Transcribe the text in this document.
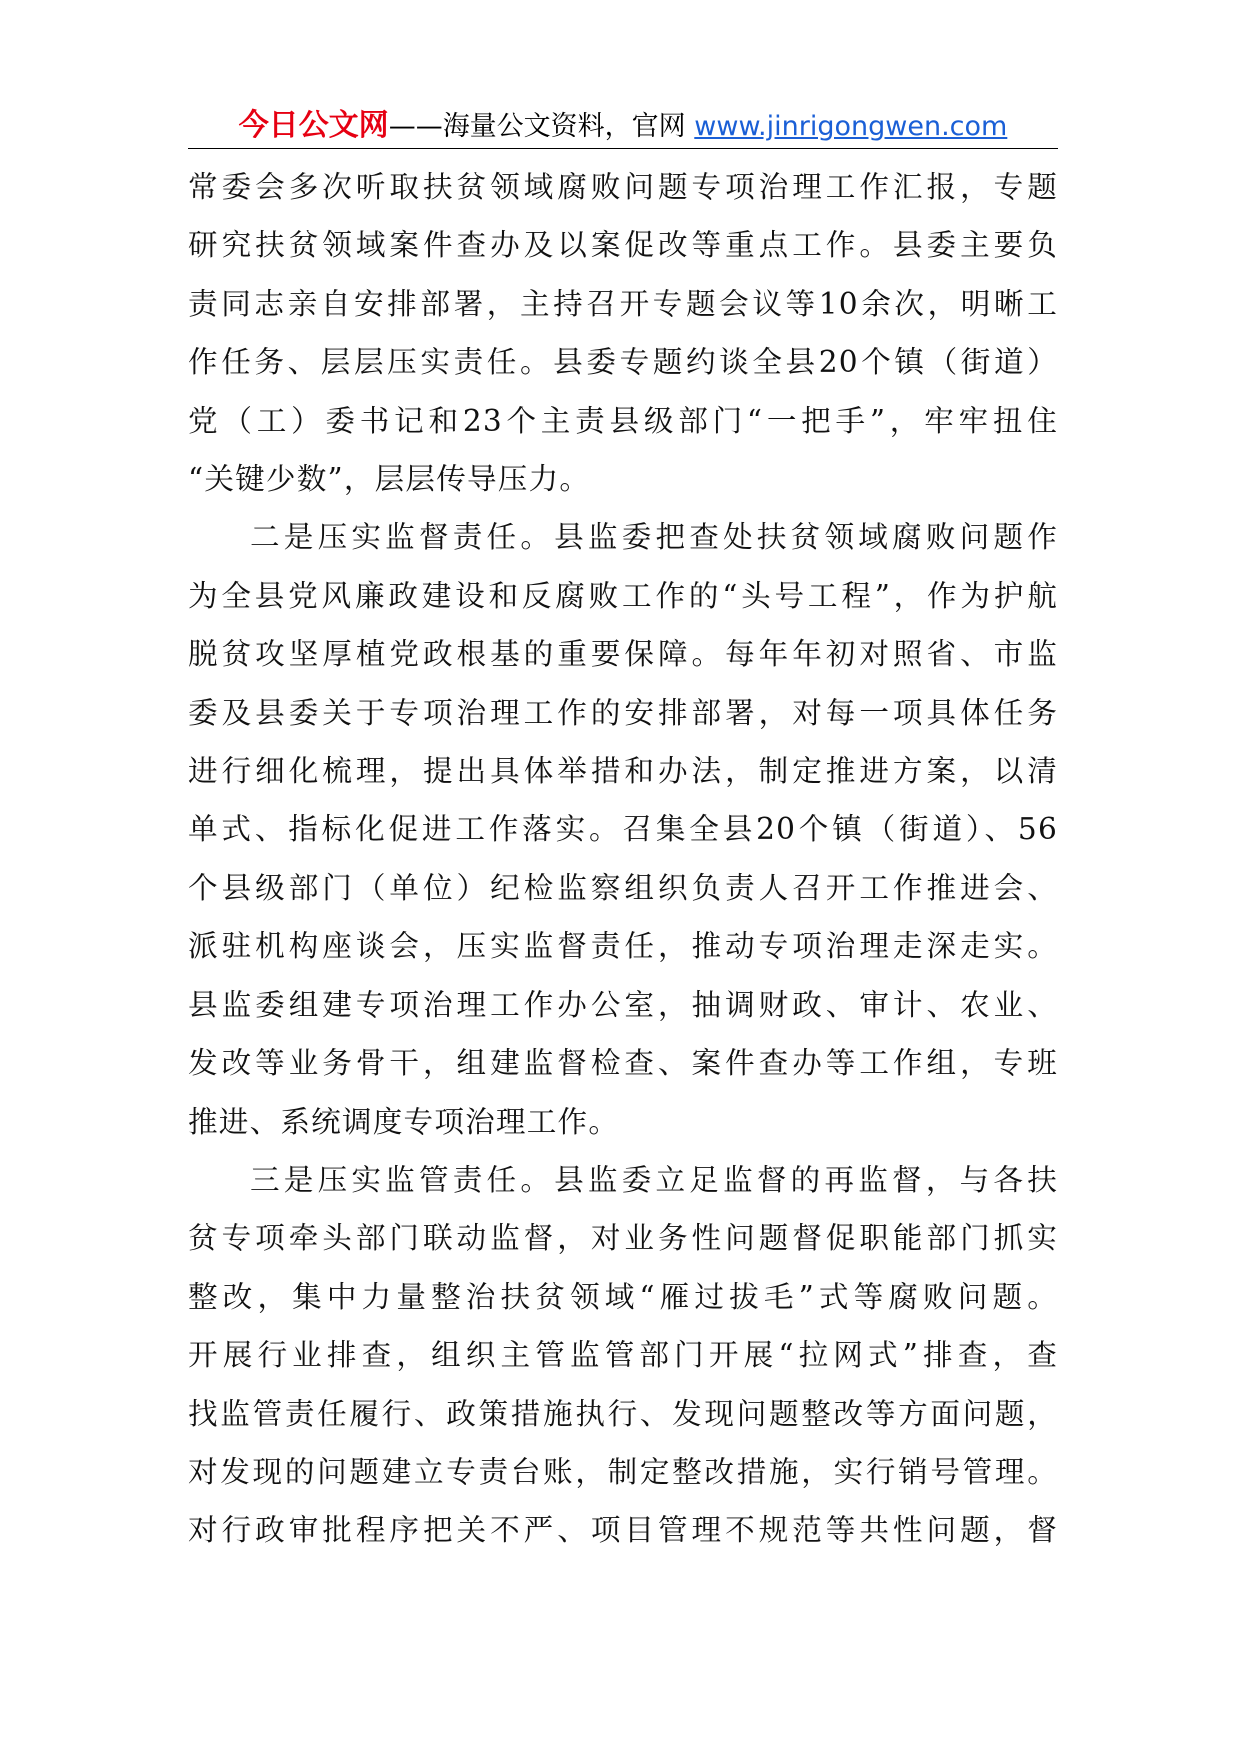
今日公文网——海量公文资料，官网 www.jinrigongwen.com

常委会多次听取扶贫领域腐败问题专项治理工作汇报，专题

研究扶贫领域案件查办及以案促改等重点工作。县委主要负

责同志亲自安排部署，主持召开专题会议等10余次，明晰工

作任务、层层压实责任。县委专题约谈全县20个镇（街道）

党（工）委书记和23个主责县级部门“一把手”，牢牢扭住

“关键少数”，层层传导压力。

二是压实监督责任。县监委把查处扶贫领域腐败问题作

为全县党风廉政建设和反腐败工作的“头号工程”，作为护航

脱贫攻坚厚植党政根基的重要保障。每年年初对照省、市监

委及县委关于专项治理工作的安排部署，对每一项具体任务

进行细化梳理，提出具体举措和办法，制定推进方案，以清

单式、指标化促进工作落实。召集全县20个镇（街道）、56

个县级部门（单位）纪检监察组织负责人召开工作推进会、

派驻机构座谈会，压实监督责任，推动专项治理走深走实。

县监委组建专项治理工作办公室，抽调财政、审计、农业、

发改等业务骨干，组建监督检查、案件查办等工作组，专班

推进、系统调度专项治理工作。

三是压实监管责任。县监委立足监督的再监督，与各扶

贫专项牵头部门联动监督，对业务性问题督促职能部门抓实

整改，集中力量整治扶贫领域“雁过拔毛”式等腐败问题。

开展行业排查，组织主管监管部门开展“拉网式”排查，查

找监管责任履行、政策措施执行、发现问题整改等方面问题，

对发现的问题建立专责台账，制定整改措施，实行销号管理。

对行政审批程序把关不严、项目管理不规范等共性问题，督
